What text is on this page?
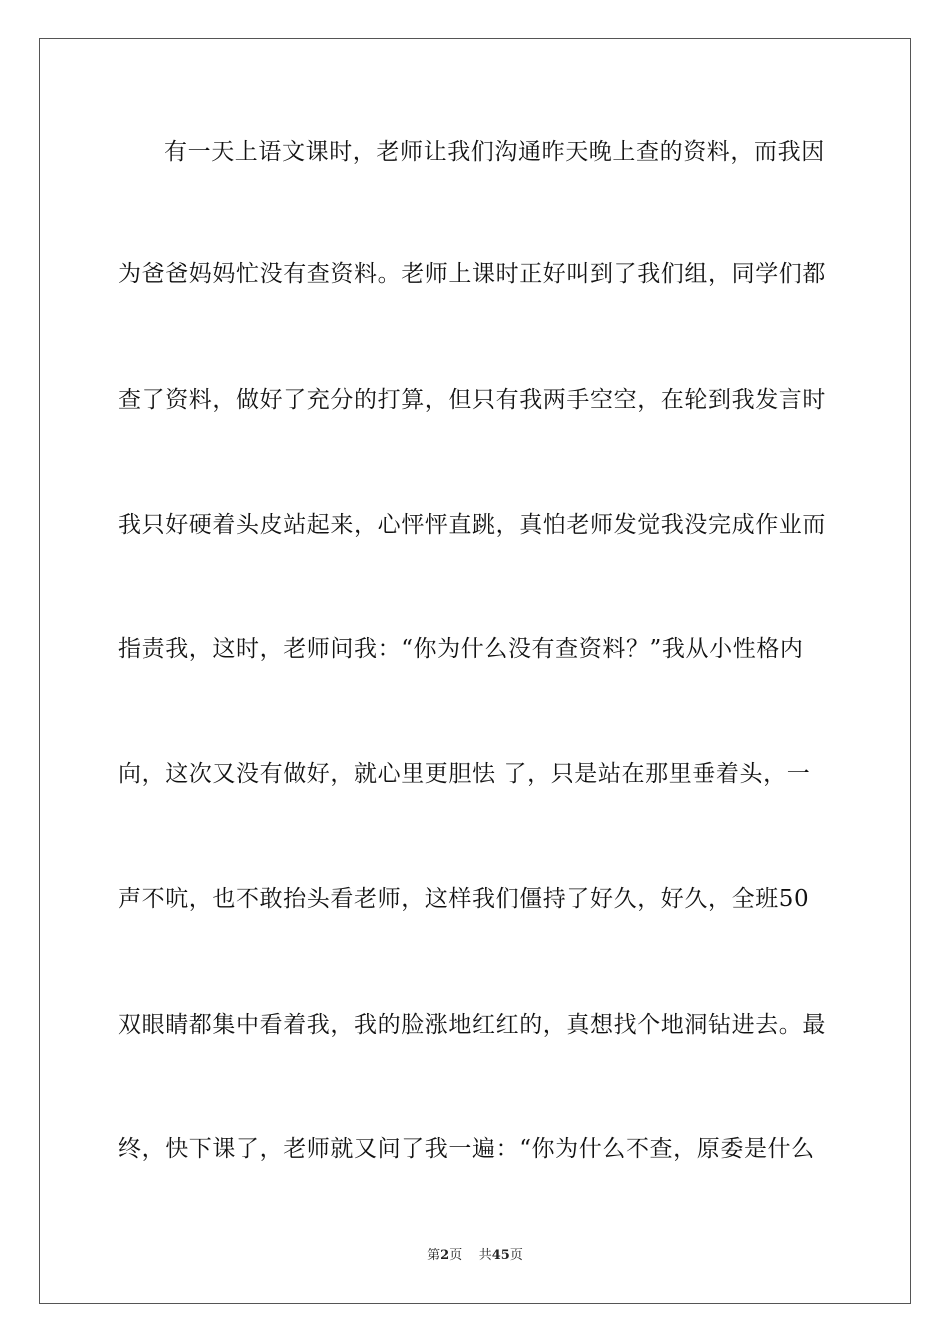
有一天上语文课时，老师让我们沟通昨天晚上查的资料，而我因
为爸爸妈妈忙没有查资料。老师上课时正好叫到了我们组，同学们都
查了资料，做好了充分的打算，但只有我两手空空，在轮到我发言时
我只好硬着头皮站起来，心怦怦直跳，真怕老师发觉我没完成作业而
指责我，这时，老师问我：“你为什么没有查资料？”我从小性格内
向，这次又没有做好，就心里更胆怯 了，只是站在那里垂着头，一
声不吭，也不敢抬头看老师，这样我们僵持了好久，好久，全班50
双眼睛都集中看着我，我的脸涨地红红的，真想找个地洞钻进去。最
终，快下课了，老师就又问了我一遍：“你为什么不查，原委是什么
第2页 共45页
